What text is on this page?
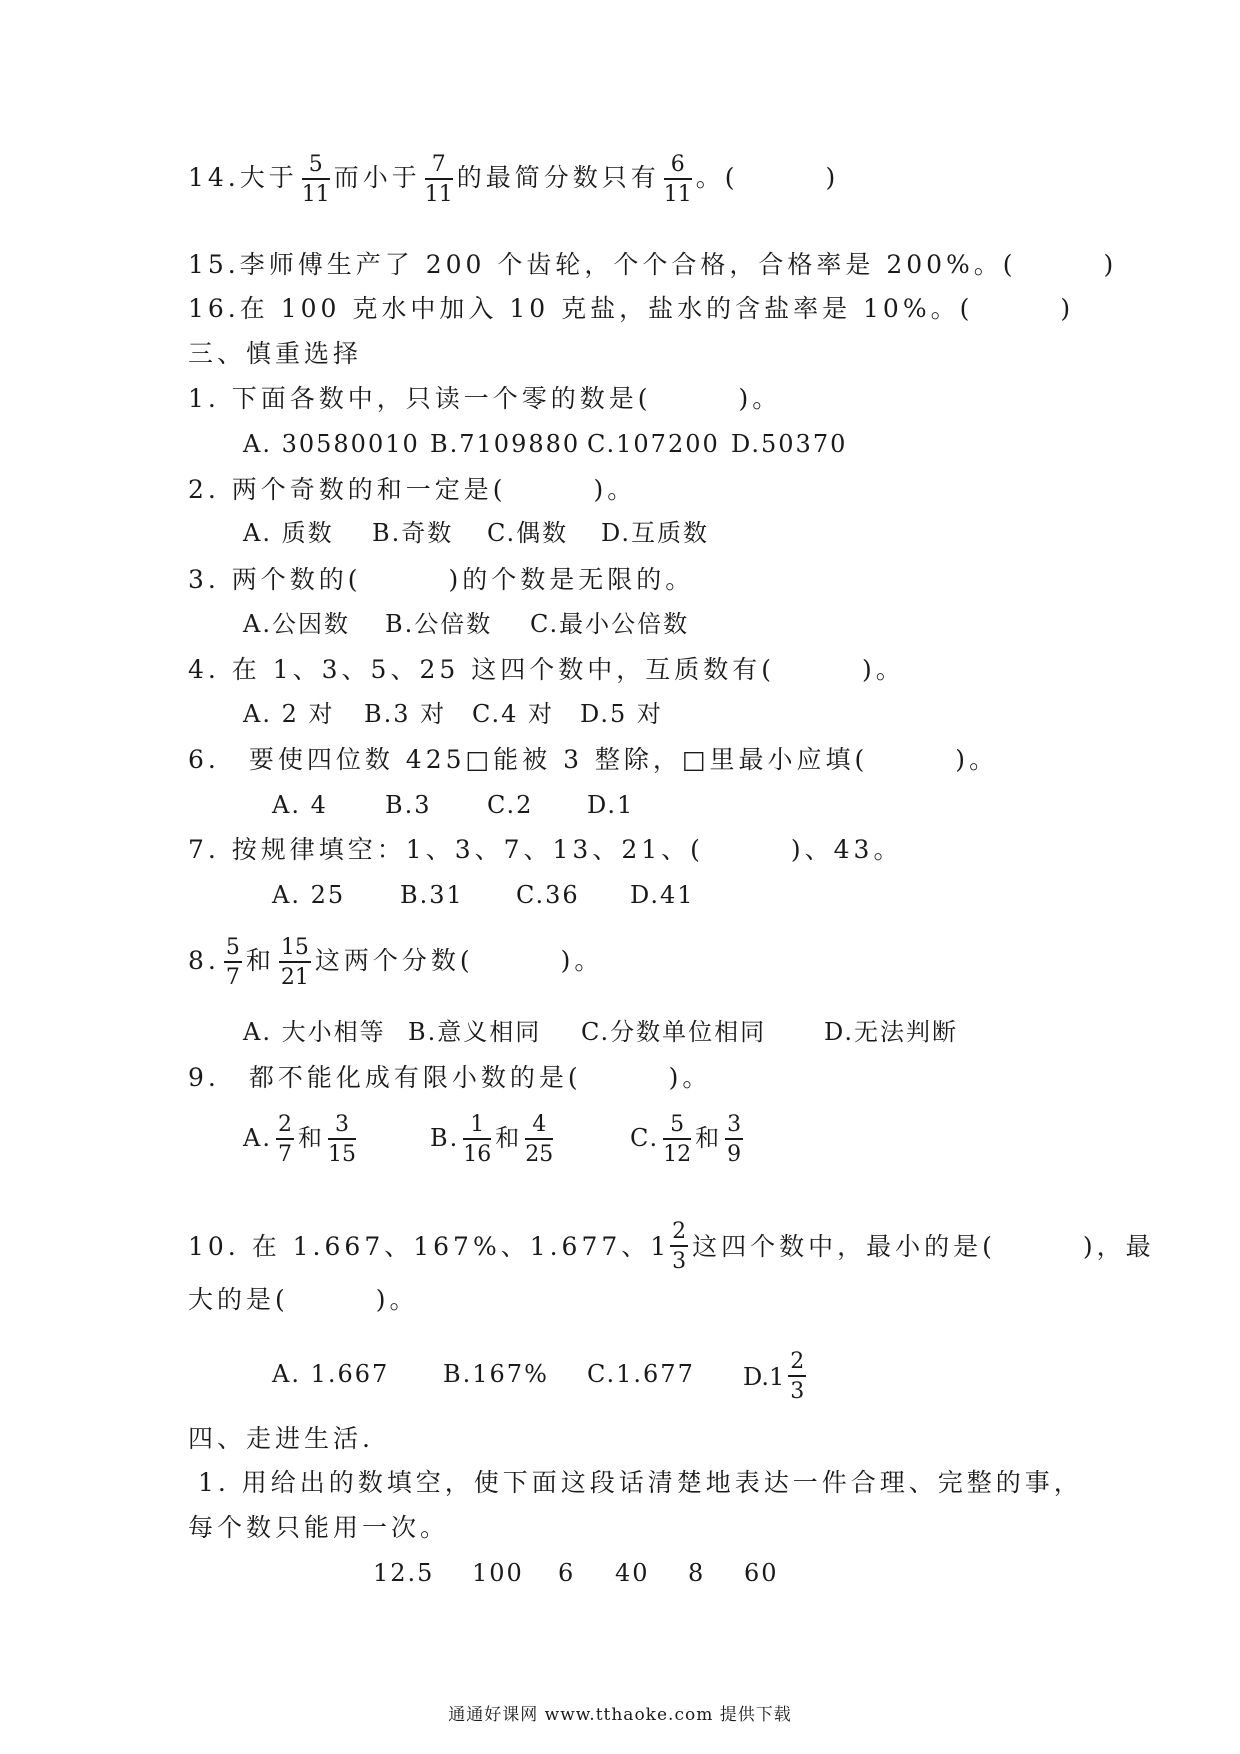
14.大于 $\frac{5}{11}$ 而小于 $\frac{7}{11}$ 的最简分数只有 $\frac{6}{11}$ 。(　　　)
15.李师傅生产了 200 个齿轮，个个合格，合格率是 200%。(　　　)
16.在 100 克水中加入 10 克盐，盐水的含盐率是 10%。(　　　)
三、慎重选择
1. 下面各数中，只读一个零的数是(　　　)。
A. 30580010 B.7109880 C.107200 D.50370
2. 两个奇数的和一定是(　　　)。
A. 质数 B.奇数 C.偶数 D.互质数
3. 两个数的(　　　)的个数是无限的。
A.公因数 B.公倍数 C.最小公倍数
4. 在 1、3、5、25 这四个数中，互质数有(　　　)。
A. 2 对 B.3 对 C.4 对 D.5 对
6.　要使四位数 425□能被 3 整除，□里最小应填(　　　)。
A. 4 B.3 C.2 D.1
7. 按规律填空：1、3、7、13、21、(　　　)、43。
A. 25 B.31 C.36 D.41
8. $\frac{5}{7}$ 和 $\frac{15}{21}$ 这两个分数(　　　)。
A. 大小相等 B.意义相同 C.分数单位相同 D.无法判断
9.　都不能化成有限小数的是(　　　)。
A. $\frac{2}{7}$ 和 $\frac{3}{15}$	B. $\frac{1}{16}$ 和 $\frac{4}{25}$	C. $\frac{5}{12}$ 和 $\frac{3}{9}$
10. 在 1.667、167%、1.677、 $1 \frac{2}{3}$ 这四个数中，最小的是(　　　)，最
大的是(　　　)。
A. 1.667 B.167% C.1.677 $D.1 \frac{2}{3}$
四、走进生活.
1. 用给出的数填空，使下面这段话清楚地表达一件合理、完整的事，
每个数只能用一次。
12.5 100 6 40 8 60
通通好课网 www.tthaoke.com 提供下载
